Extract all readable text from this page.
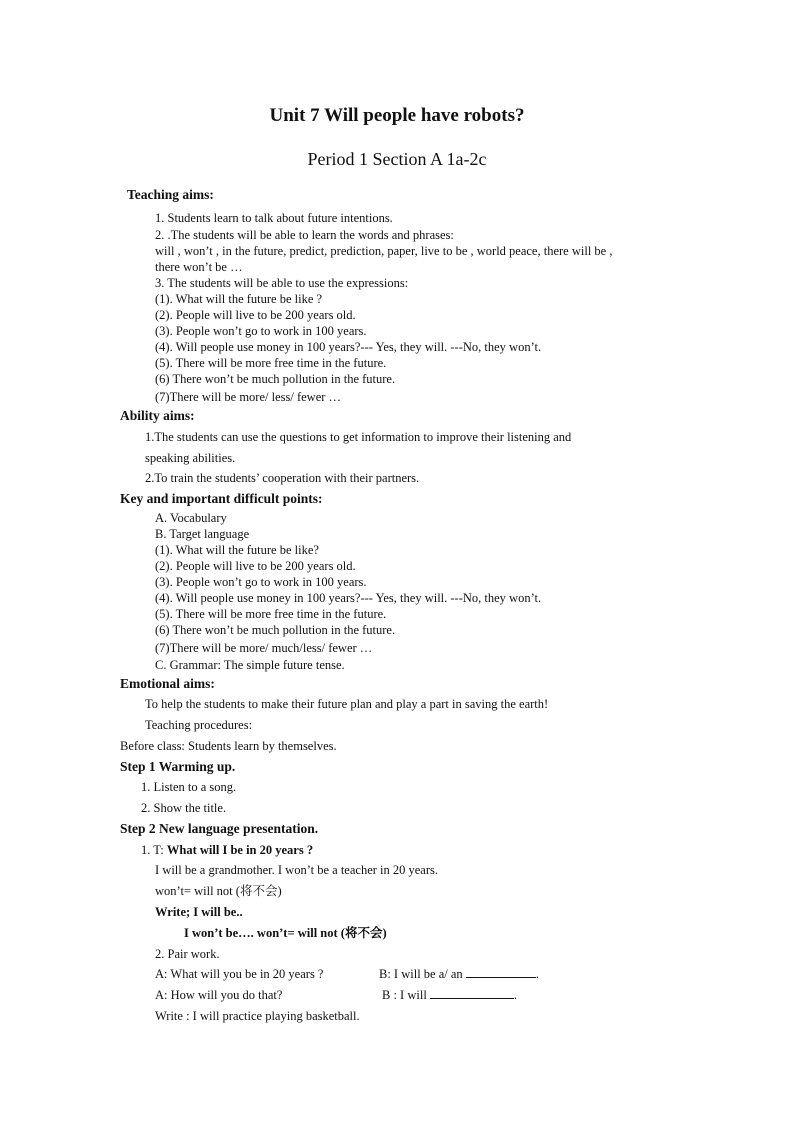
Unit 7 Will people have robots?
Period 1 Section A 1a-2c
Teaching aims:
1. Students learn to talk about future intentions.
2. .The students will be able to learn the words and phrases:
will , won’t , in the future, predict, prediction, paper, live to be , world peace, there will be ,
there won’t be …
3. The students will be able to use the expressions:
(1). What will the future be like ?
(2). People will live to be 200 years old.
(3). People won’t go to work in 100 years.
(4). Will people use money in 100 years?--- Yes, they will. ---No, they won’t.
(5). There will be more free time in the future.
(6) There won’t be much pollution in the future.
(7)There will be more/ less/ fewer …
Ability aims:
1.The students can use the questions to get information to improve their listening and
speaking abilities.
2.To train the students’ cooperation with their partners.
Key and important difficult points:
A. Vocabulary
B. Target language
(1). What will the future be like?
(2). People will live to be 200 years old.
(3). People won’t go to work in 100 years.
(4). Will people use money in 100 years?--- Yes, they will. ---No, they won’t.
(5). There will be more free time in the future.
(6) There won’t be much pollution in the future.
(7)There will be more/ much/less/ fewer …
C. Grammar: The simple future tense.
Emotional aims:
To help the students to make their future plan and play a part in saving the earth!
Teaching procedures:
Before class: Students learn by themselves.
Step 1 Warming up.
1. Listen to a song.
2. Show the title.
Step 2 New language presentation.
1. T: What will I be in 20 years ?
I will be a grandmother. I won’t be a teacher in 20 years.
won’t= will not (将不会)
Write; I will be..
I won’t be…. won’t= will not (将不会)
2. Pair work.
A: What will you be in 20 years ?	B: I will be a/ an	.
A: How will you do that?	B : I will	.
Write : I will practice playing basketball.
